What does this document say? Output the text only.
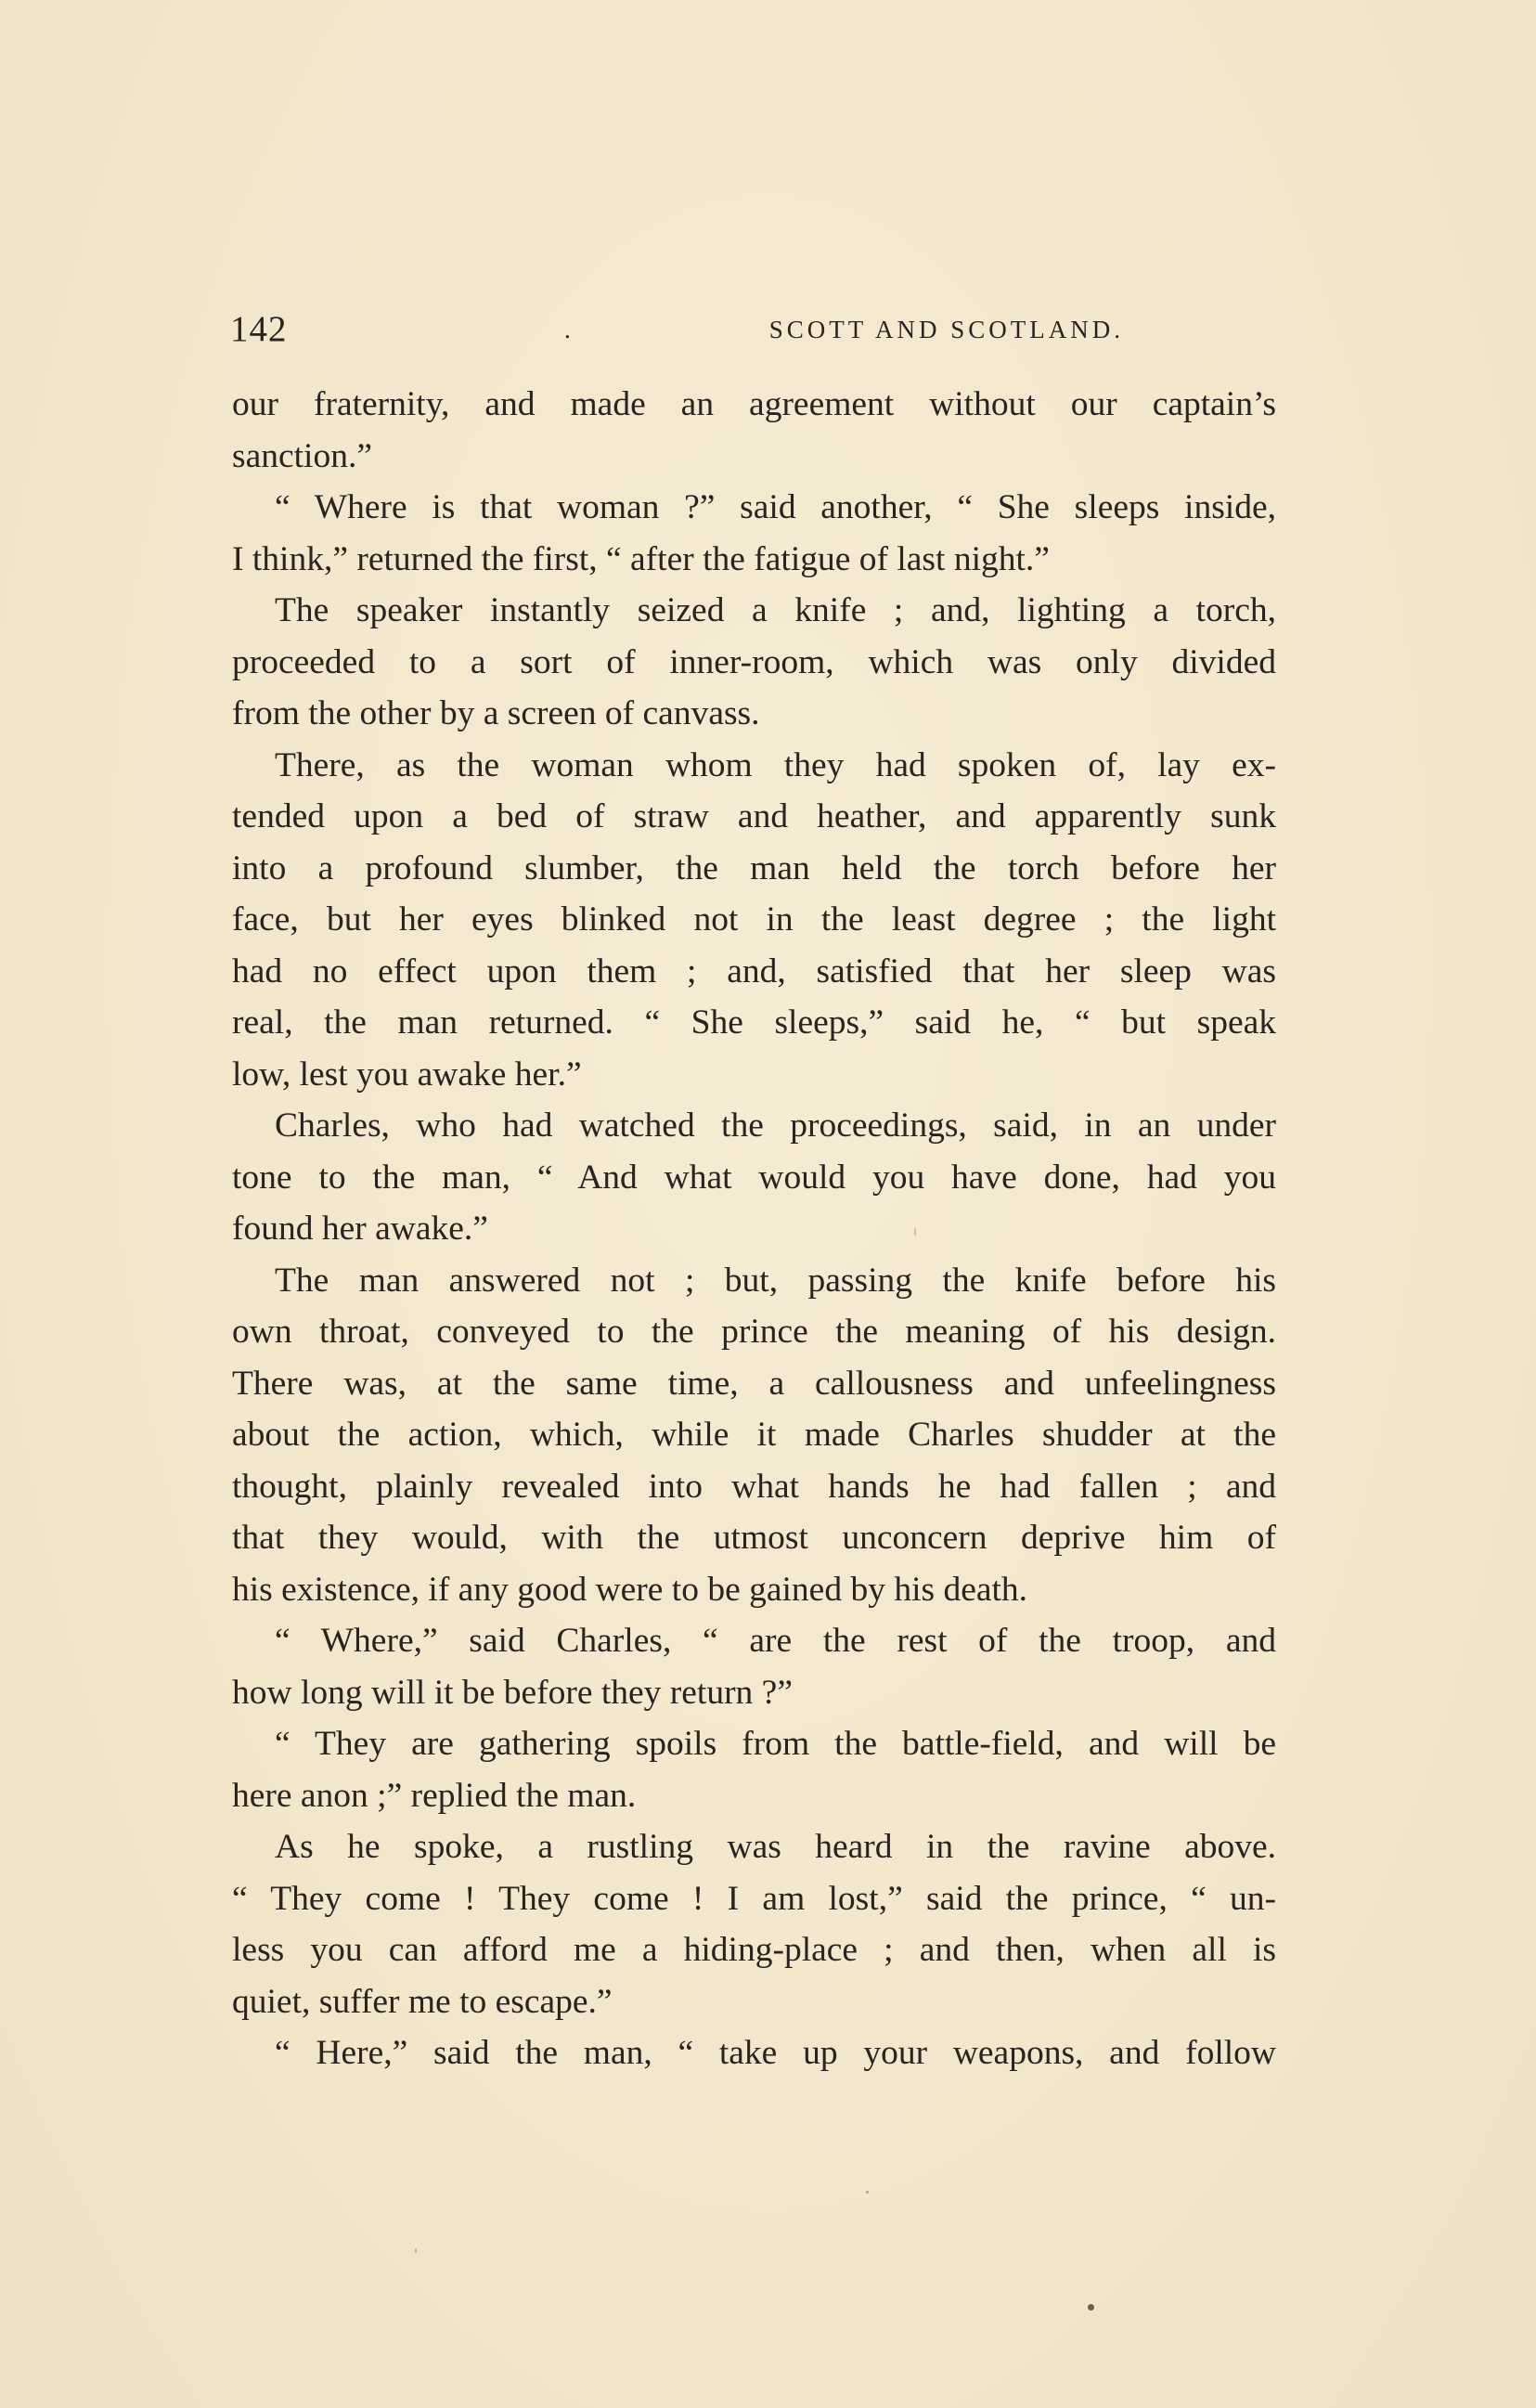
142	.	SCOTT AND SCOTLAND.

our fraternity, and made an agreement without our captain’s

sanction.”

“ Where is that woman ?” said another, “ She sleeps inside,

I think,” returned the first, “ after the fatigue of last night.”

The speaker instantly seized a knife ; and, lighting a torch,

proceeded to a sort of inner-room, which was only divided

from the other by a screen of canvass.

There, as the woman whom they had spoken of, lay ex-

tended upon a bed of straw and heather, and apparently sunk

into a profound slumber, the man held the torch before her

face, but her eyes blinked not in the least degree ; the light

had no effect upon them ; and, satisfied that her sleep was

real, the man returned. “ She sleeps,” said he, “ but speak

low, lest you awake her.”

Charles, who had watched the proceedings, said, in an under

tone to the man, “ And what would you have done, had you

found her awake.”

The man answered not ; but, passing the knife before his

own throat, conveyed to the prince the meaning of his design.

There was, at the same time, a callousness and unfeelingness

about the action, which, while it made Charles shudder at the

thought, plainly revealed into what hands he had fallen ; and

that they would, with the utmost unconcern deprive him of

his existence, if any good were to be gained by his death.

“ Where,” said Charles, “ are the rest of the troop, and

how long will it be before they return ?”

“ They are gathering spoils from the battle-field, and will be

here anon ;” replied the man.

As he spoke, a rustling was heard in the ravine above.

“ They come ! They come ! I am lost,” said the prince, “ un-

less you can afford me a hiding-place ; and then, when all is

quiet, suffer me to escape.”

“ Here,” said the man, “ take up your weapons, and follow
